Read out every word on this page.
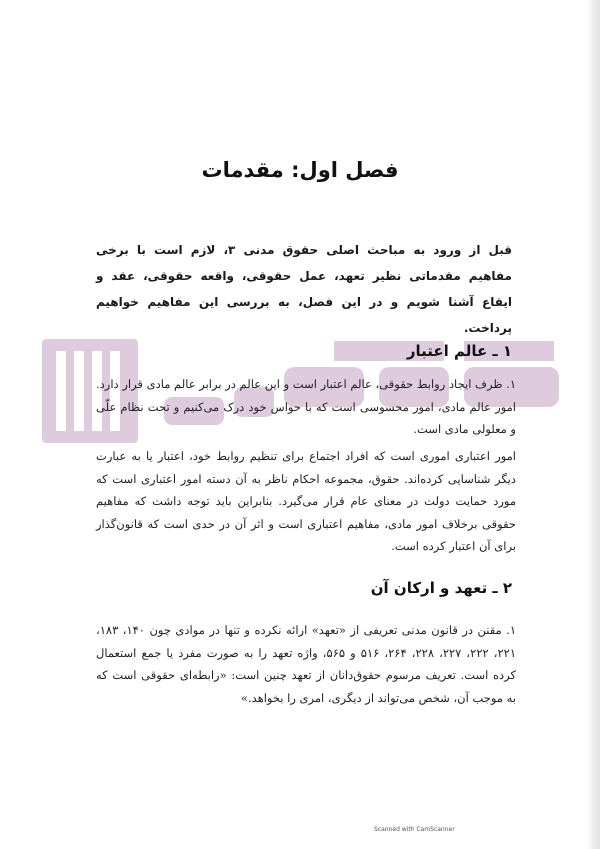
فصل اول: مقدمات

قبل از ورود به مباحث اصلی حقوق مدنی ۳، لازم است با برخی مفاهیم مقدماتی نظیر تعهد، عمل حقوقی، واقعه حقوقی، عقد و ایقاع آشنا شویم و در این فصل، به بررسی این مفاهیم خواهیم پرداخت.

۱ ـ عالم اعتبار

۱. ظرف ایجاد روابط حقوقی، عالم اعتبار است و این عالم در برابر عالم مادی قرار دارد. امور عالم مادی، امور محسوسی است که با حواس خود درک می‌کنیم و تحت نظام علّی و معلولی مادی است.

امور اعتباری اموری است که افراد اجتماع برای تنظیم روابط خود، اعتبار یا به عبارت دیگر شناسایی کرده‌اند. حقوق، مجموعه احکام ناظر به آن دسته امور اعتباری است که مورد حمایت دولت در معنای عام قرار می‌گیرد. بنابراین باید توجه داشت که مفاهیم حقوقی برخلاف امور مادی، مفاهیم اعتباری است و اثر آن در حدی است که قانون‌گذار برای آن اعتبار کرده است.

۲ ـ تعهد و ارکان آن

۱. مقنن در قانون مدنی تعریفی از «تعهد» ارائه نکرده و تنها در موادی چون ۱۴۰، ۱۸۳، ۲۲۱، ۲۲۲، ۲۲۷، ۲۲۸، ۲۶۴، ۵۱۶ و ۵۶۵، واژه تعهد را به صورت مفرد یا جمع استعمال کرده است. تعریف مرسوم حقوق‌دانان از تعهد چنین است: «رابطه‌ای حقوقی است که به موجب آن، شخص می‌تواند از دیگری، امری را بخواهد.»

Scanned with CamScanner
